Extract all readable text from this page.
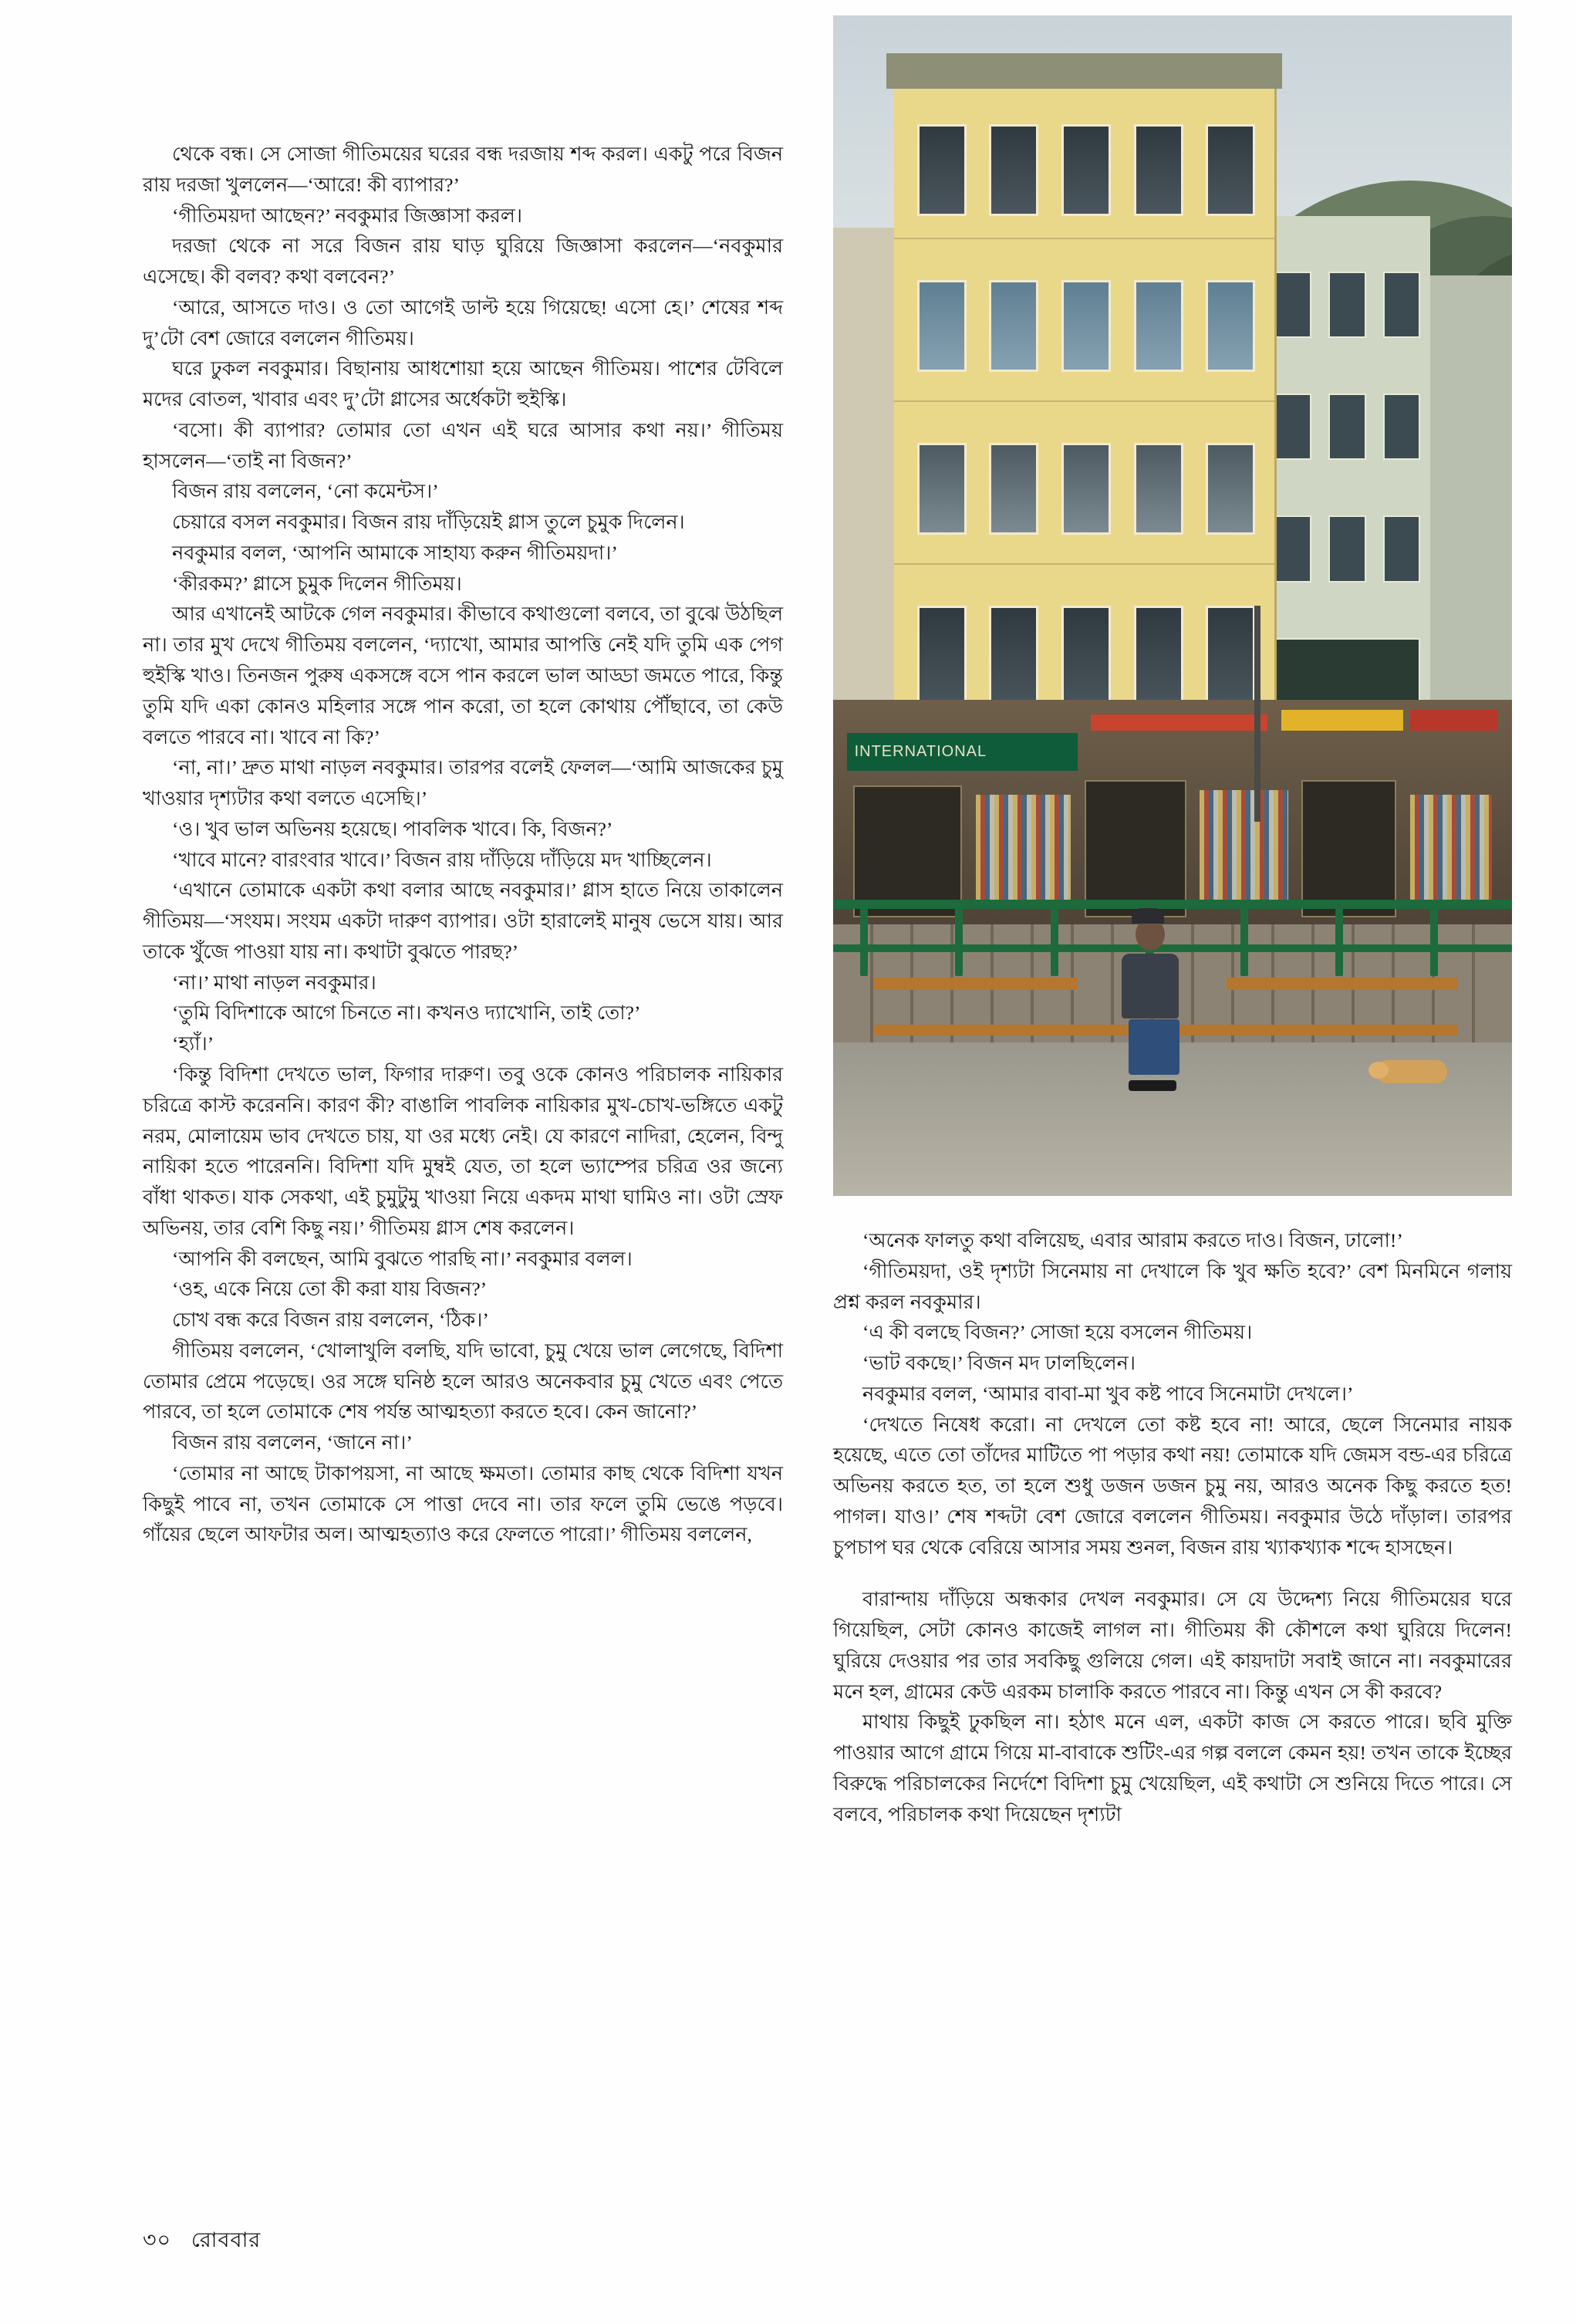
থেকে বন্ধ। সে সোজা গীতিময়ের ঘরের বন্ধ দরজায় শব্দ করল। একটু পরে বিজন রায় দরজা খুললেন—‘আরে! কী ব্যাপার?’

‘গীতিময়দা আছেন?’ নবকুমার জিজ্ঞাসা করল।

দরজা থেকে না সরে বিজন রায় ঘাড় ঘুরিয়ে জিজ্ঞাসা করলেন—‘নবকুমার এসেছে। কী বলব? কথা বলবেন?’

‘আরে, আসতে দাও। ও তো আগেই ডাল্ট হয়ে গিয়েছে! এসো হে।’ শেষের শব্দ দু’টো বেশ জোরে বললেন গীতিময়।

ঘরে ঢুকল নবকুমার। বিছানায় আধশোয়া হয়ে আছেন গীতিময়। পাশের টেবিলে মদের বোতল, খাবার এবং দু’টো গ্লাসের অর্ধেকটা হুইস্কি।

‘বসো। কী ব্যাপার? তোমার তো এখন এই ঘরে আসার কথা নয়।’ গীতিময় হাসলেন—‘তাই না বিজন?’

বিজন রায় বললেন, ‘নো কমেন্টস।’

চেয়ারে বসল নবকুমার। বিজন রায় দাঁড়িয়েই গ্লাস তুলে চুমুক দিলেন।

নবকুমার বলল, ‘আপনি আমাকে সাহায্য করুন গীতিময়দা।’

‘কীরকম?’ গ্লাসে চুমুক দিলেন গীতিময়।

আর এখানেই আটকে গেল নবকুমার। কীভাবে কথাগুলো বলবে, তা বুঝে উঠছিল না। তার মুখ দেখে গীতিময় বললেন, ‘দ্যাখো, আমার আপত্তি নেই যদি তুমি এক পেগ হুইস্কি খাও। তিনজন পুরুষ একসঙ্গে বসে পান করলে ভাল আড্ডা জমতে পারে, কিন্তু তুমি যদি একা কোনও মহিলার সঙ্গে পান করো, তা হলে কোথায় পৌঁছাবে, তা কেউ বলতে পারবে না। খাবে না কি?’

‘না, না।’ দ্রুত মাথা নাড়ল নবকুমার। তারপর বলেই ফেলল—‘আমি আজকের চুমু খাওয়ার দৃশ্যটার কথা বলতে এসেছি।’

‘ও। খুব ভাল অভিনয় হয়েছে। পাবলিক খাবে। কি, বিজন?’

‘খাবে মানে? বারংবার খাবে।’ বিজন রায় দাঁড়িয়ে দাঁড়িয়ে মদ খাচ্ছিলেন।

‘এখানে তোমাকে একটা কথা বলার আছে নবকুমার।’ গ্লাস হাতে নিয়ে তাকালেন গীতিময়—‘সংযম। সংযম একটা দারুণ ব্যাপার। ওটা হারালেই মানুষ ভেসে যায়। আর তাকে খুঁজে পাওয়া যায় না। কথাটা বুঝতে পারছ?’

‘না।’ মাথা নাড়ল নবকুমার।

‘তুমি বিদিশাকে আগে চিনতে না। কখনও দ্যাখোনি, তাই তো?’

‘হ্যাঁ।’

‘কিন্তু বিদিশা দেখতে ভাল, ফিগার দারুণ। তবু ওকে কোনও পরিচালক নায়িকার চরিত্রে কাস্ট করেননি। কারণ কী? বাঙালি পাবলিক নায়িকার মুখ-চোখ-ভঙ্গিতে একটু নরম, মোলায়েম ভাব দেখতে চায়, যা ওর মধ্যে নেই। যে কারণে নাদিরা, হেলেন, বিন্দু নায়িকা হতে পারেননি। বিদিশা যদি মুম্বই যেত, তা হলে ভ্যাম্পের চরিত্র ওর জন্যে বাঁধা থাকত। যাক সেকথা, এই চুমুটুমু খাওয়া নিয়ে একদম মাথা ঘামিও না। ওটা স্রেফ অভিনয়, তার বেশি কিছু নয়।’ গীতিময় গ্লাস শেষ করলেন।

‘আপনি কী বলছেন, আমি বুঝতে পারছি না।’ নবকুমার বলল।

‘ওহ, একে নিয়ে তো কী করা যায় বিজন?’

চোখ বন্ধ করে বিজন রায় বললেন, ‘ঠিক।’

গীতিময় বললেন, ‘খোলাখুলি বলছি, যদি ভাবো, চুমু খেয়ে ভাল লেগেছে, বিদিশা তোমার প্রেমে পড়েছে। ওর সঙ্গে ঘনিষ্ঠ হলে আরও অনেকবার চুমু খেতে এবং পেতে পারবে, তা হলে তোমাকে শেষ পর্যন্ত আত্মহত্যা করতে হবে। কেন জানো?’

বিজন রায় বললেন, ‘জানে না।’

‘তোমার না আছে টাকাপয়সা, না আছে ক্ষমতা। তোমার কাছ থেকে বিদিশা যখন কিছুই পাবে না, তখন তোমাকে সে পাত্তা দেবে না। তার ফলে তুমি ভেঙে পড়বে। গাঁয়ের ছেলে আফটার অল। আত্মহত্যাও করে ফেলতে পারো।’ গীতিময় বললেন,

INTERNATIONAL

‘অনেক ফালতু কথা বলিয়েছ, এবার আরাম করতে দাও। বিজন, ঢালো!’

‘গীতিময়দা, ওই দৃশ্যটা সিনেমায় না দেখালে কি খুব ক্ষতি হবে?’ বেশ মিনমিনে গলায় প্রশ্ন করল নবকুমার।

‘এ কী বলছে বিজন?’ সোজা হয়ে বসলেন গীতিময়।

‘ভাট বকছে।’ বিজন মদ ঢালছিলেন।

নবকুমার বলল, ‘আমার বাবা-মা খুব কষ্ট পাবে সিনেমাটা দেখলে।’

‘দেখতে নিষেধ করো। না দেখলে তো কষ্ট হবে না! আরে, ছেলে সিনেমার নায়ক হয়েছে, এতে তো তাঁদের মাটিতে পা পড়ার কথা নয়! তোমাকে যদি জেমস বন্ড-এর চরিত্রে অভিনয় করতে হত, তা হলে শুধু ডজন ডজন চুমু নয়, আরও অনেক কিছু করতে হত! পাগল। যাও।’ শেষ শব্দটা বেশ জোরে বললেন গীতিময়। নবকুমার উঠে দাঁড়াল। তারপর চুপচাপ ঘর থেকে বেরিয়ে আসার সময় শুনল, বিজন রায় খ্যাকখ্যাক শব্দে হাসছেন।

বারান্দায় দাঁড়িয়ে অন্ধকার দেখল নবকুমার। সে যে উদ্দেশ্য নিয়ে গীতিময়ের ঘরে গিয়েছিল, সেটা কোনও কাজেই লাগল না। গীতিময় কী কৌশলে কথা ঘুরিয়ে দিলেন! ঘুরিয়ে দেওয়ার পর তার সবকিছু গুলিয়ে গেল। এই কায়দাটা সবাই জানে না। নবকুমারের মনে হল, গ্রামের কেউ এরকম চালাকি করতে পারবে না। কিন্তু এখন সে কী করবে?

মাথায় কিছুই ঢুকছিল না। হঠাৎ মনে এল, একটা কাজ সে করতে পারে। ছবি মুক্তি পাওয়ার আগে গ্রামে গিয়ে মা-বাবাকে শুটিং-এর গল্প বললে কেমন হয়! তখন তাকে ইচ্ছের বিরুদ্ধে পরিচালকের নির্দেশে বিদিশা চুমু খেয়েছিল, এই কথাটা সে শুনিয়ে দিতে পারে। সে বলবে, পরিচালক কথা দিয়েছেন দৃশ্যটা

৩০ রোববার
